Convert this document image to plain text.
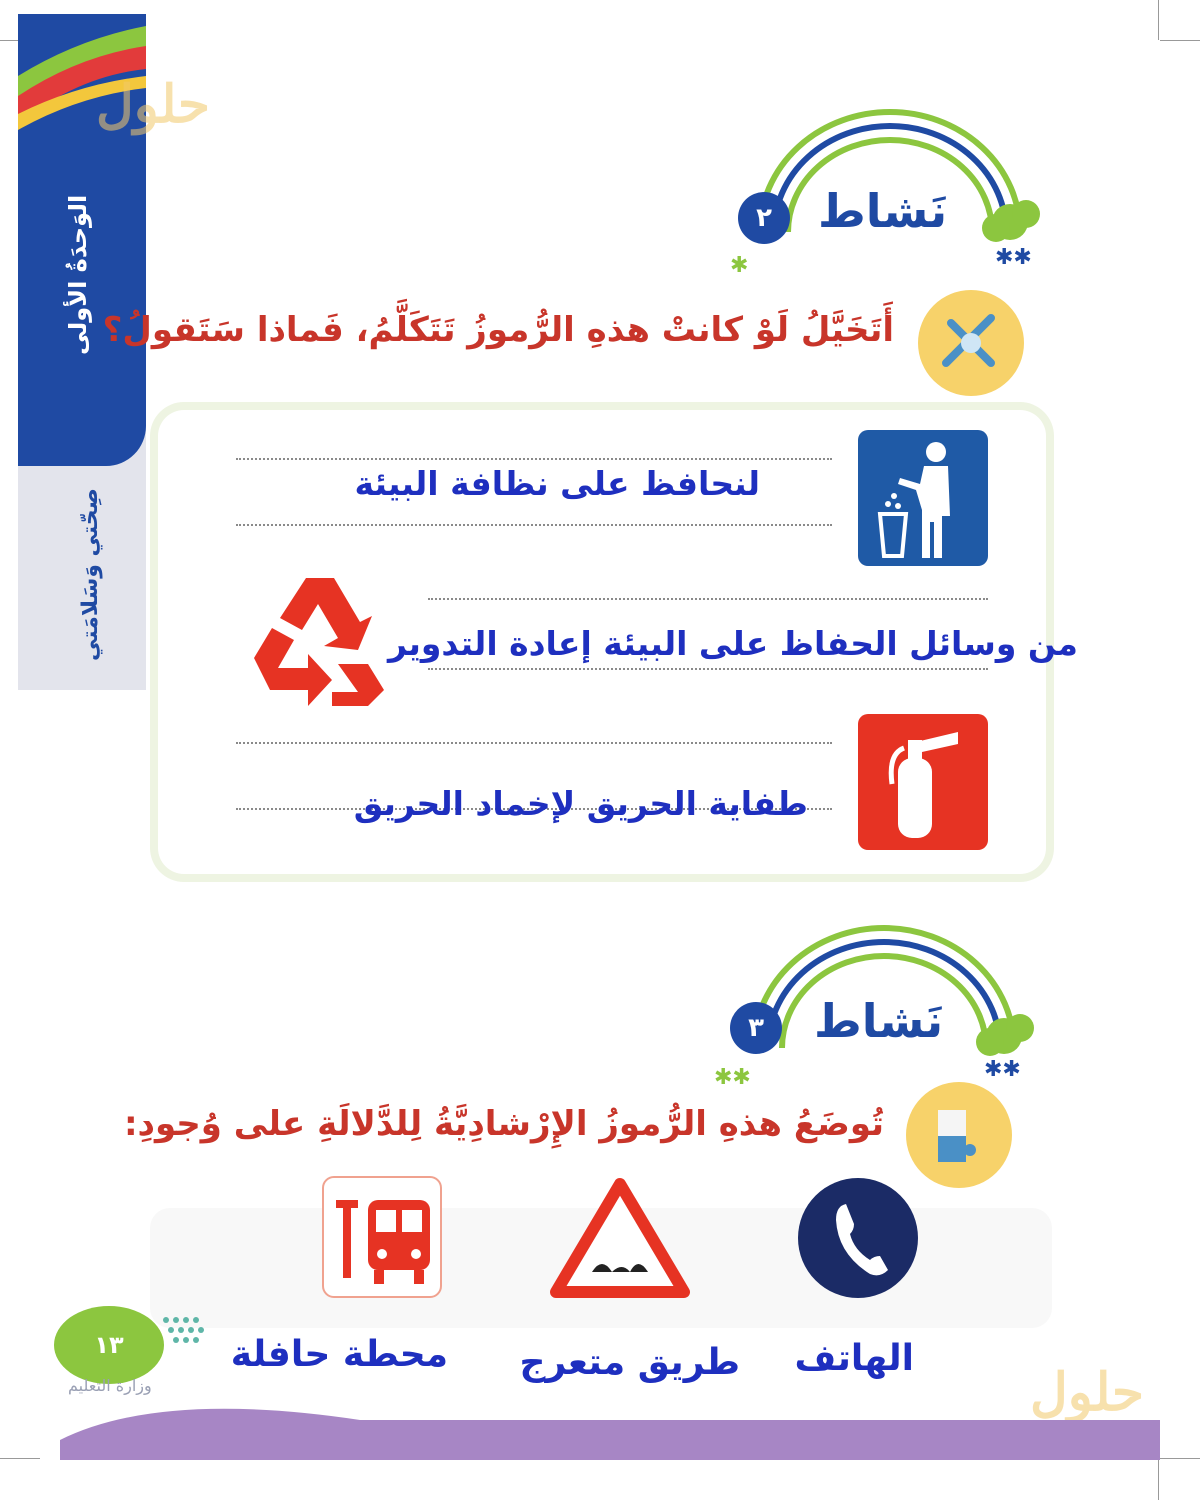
الوَحدَةُ الأولى
صِحّتي وَسَلامَتي
حلول
حلول
✱✱
✱
نَشاط
٢
أَتَخَيَّلُ لَوْ كانتْ هذهِ الرُّموزُ تَتَكَلَّمُ، فَماذا سَتَقولُ؟
لنحافظ على نظافة البيئة
من وسائل الحفاظ على البيئة إعادة التدوير
طفاية الحريق لإخماد الحريق
✱✱
✱✱
نَشاط
٣
تُوضَعُ هذهِ الرُّموزُ الإِرْشادِيَّةُ لِلدَّلالَةِ على وُجودِ:
الهاتف
طريق متعرج
محطة حافلة
١٣
وزارة التعليم
